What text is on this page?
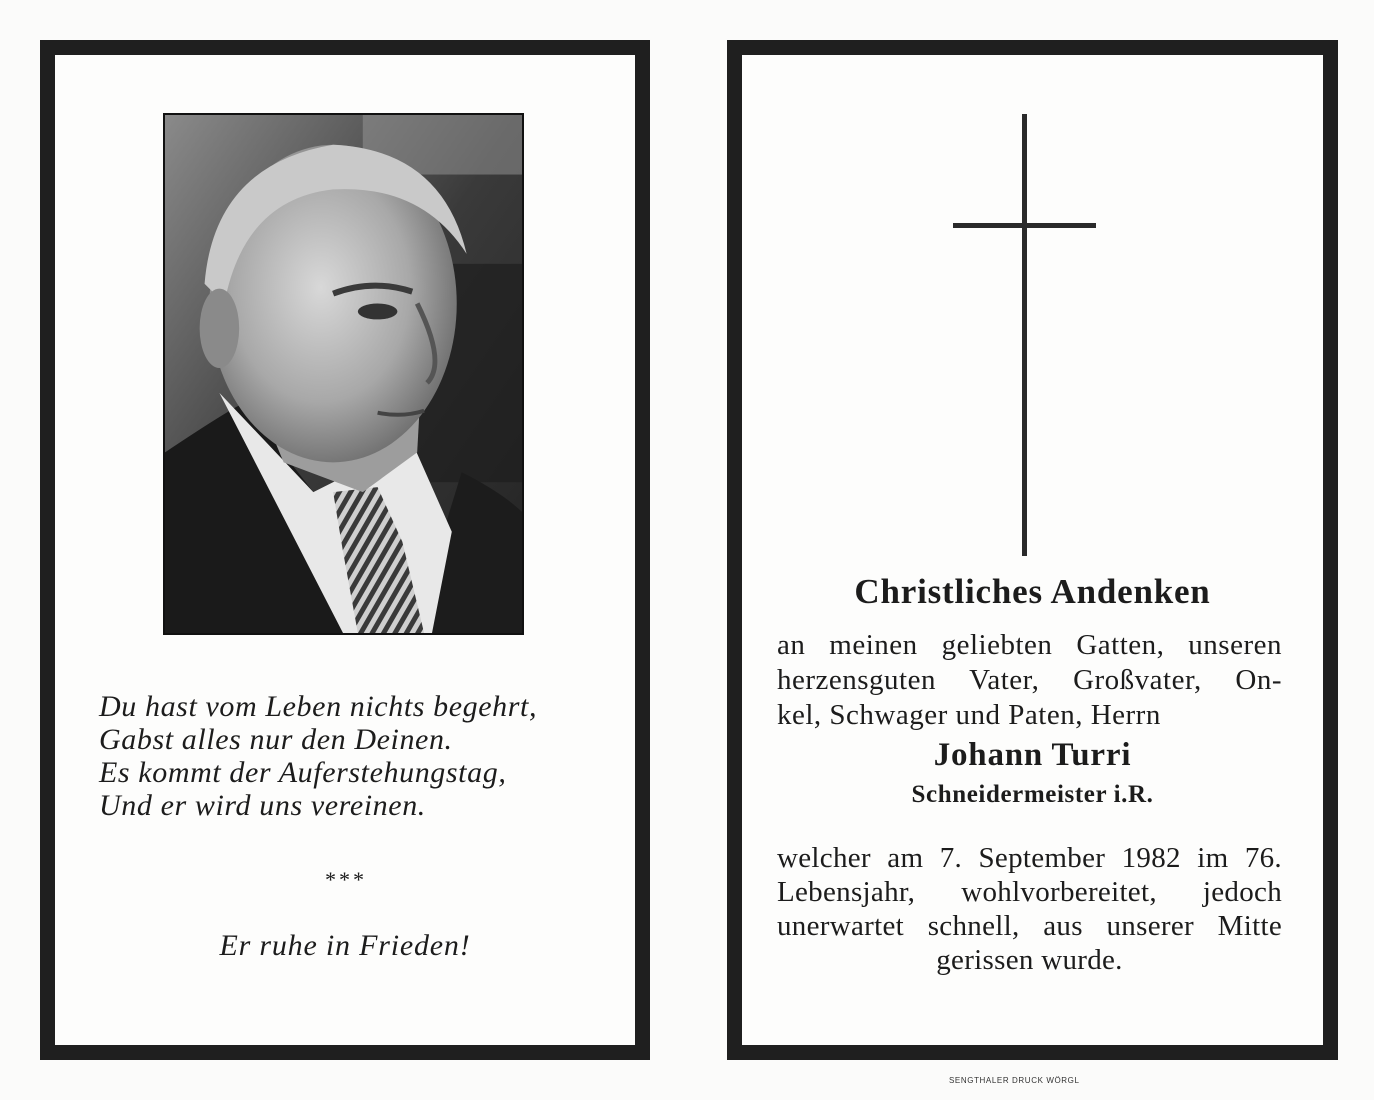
Du hast vom Leben nichts begehrt,
Gabst alles nur den Deinen.
Es kommt der Auferstehungstag,
Und er wird uns vereinen.
***
Er ruhe in Frieden!
Christliches Andenken
an meinen geliebten Gatten, unseren
herzensguten Vater, Großvater, On-
kel, Schwager und Paten, Herrn
Johann Turri
Schneidermeister i.R.
welcher am 7. September 1982 im 76.
Lebensjahr, wohlvorbereitet, jedoch
unerwartet schnell, aus unserer Mitte
gerissen wurde.
SENGTHALER DRUCK WÖRGL
